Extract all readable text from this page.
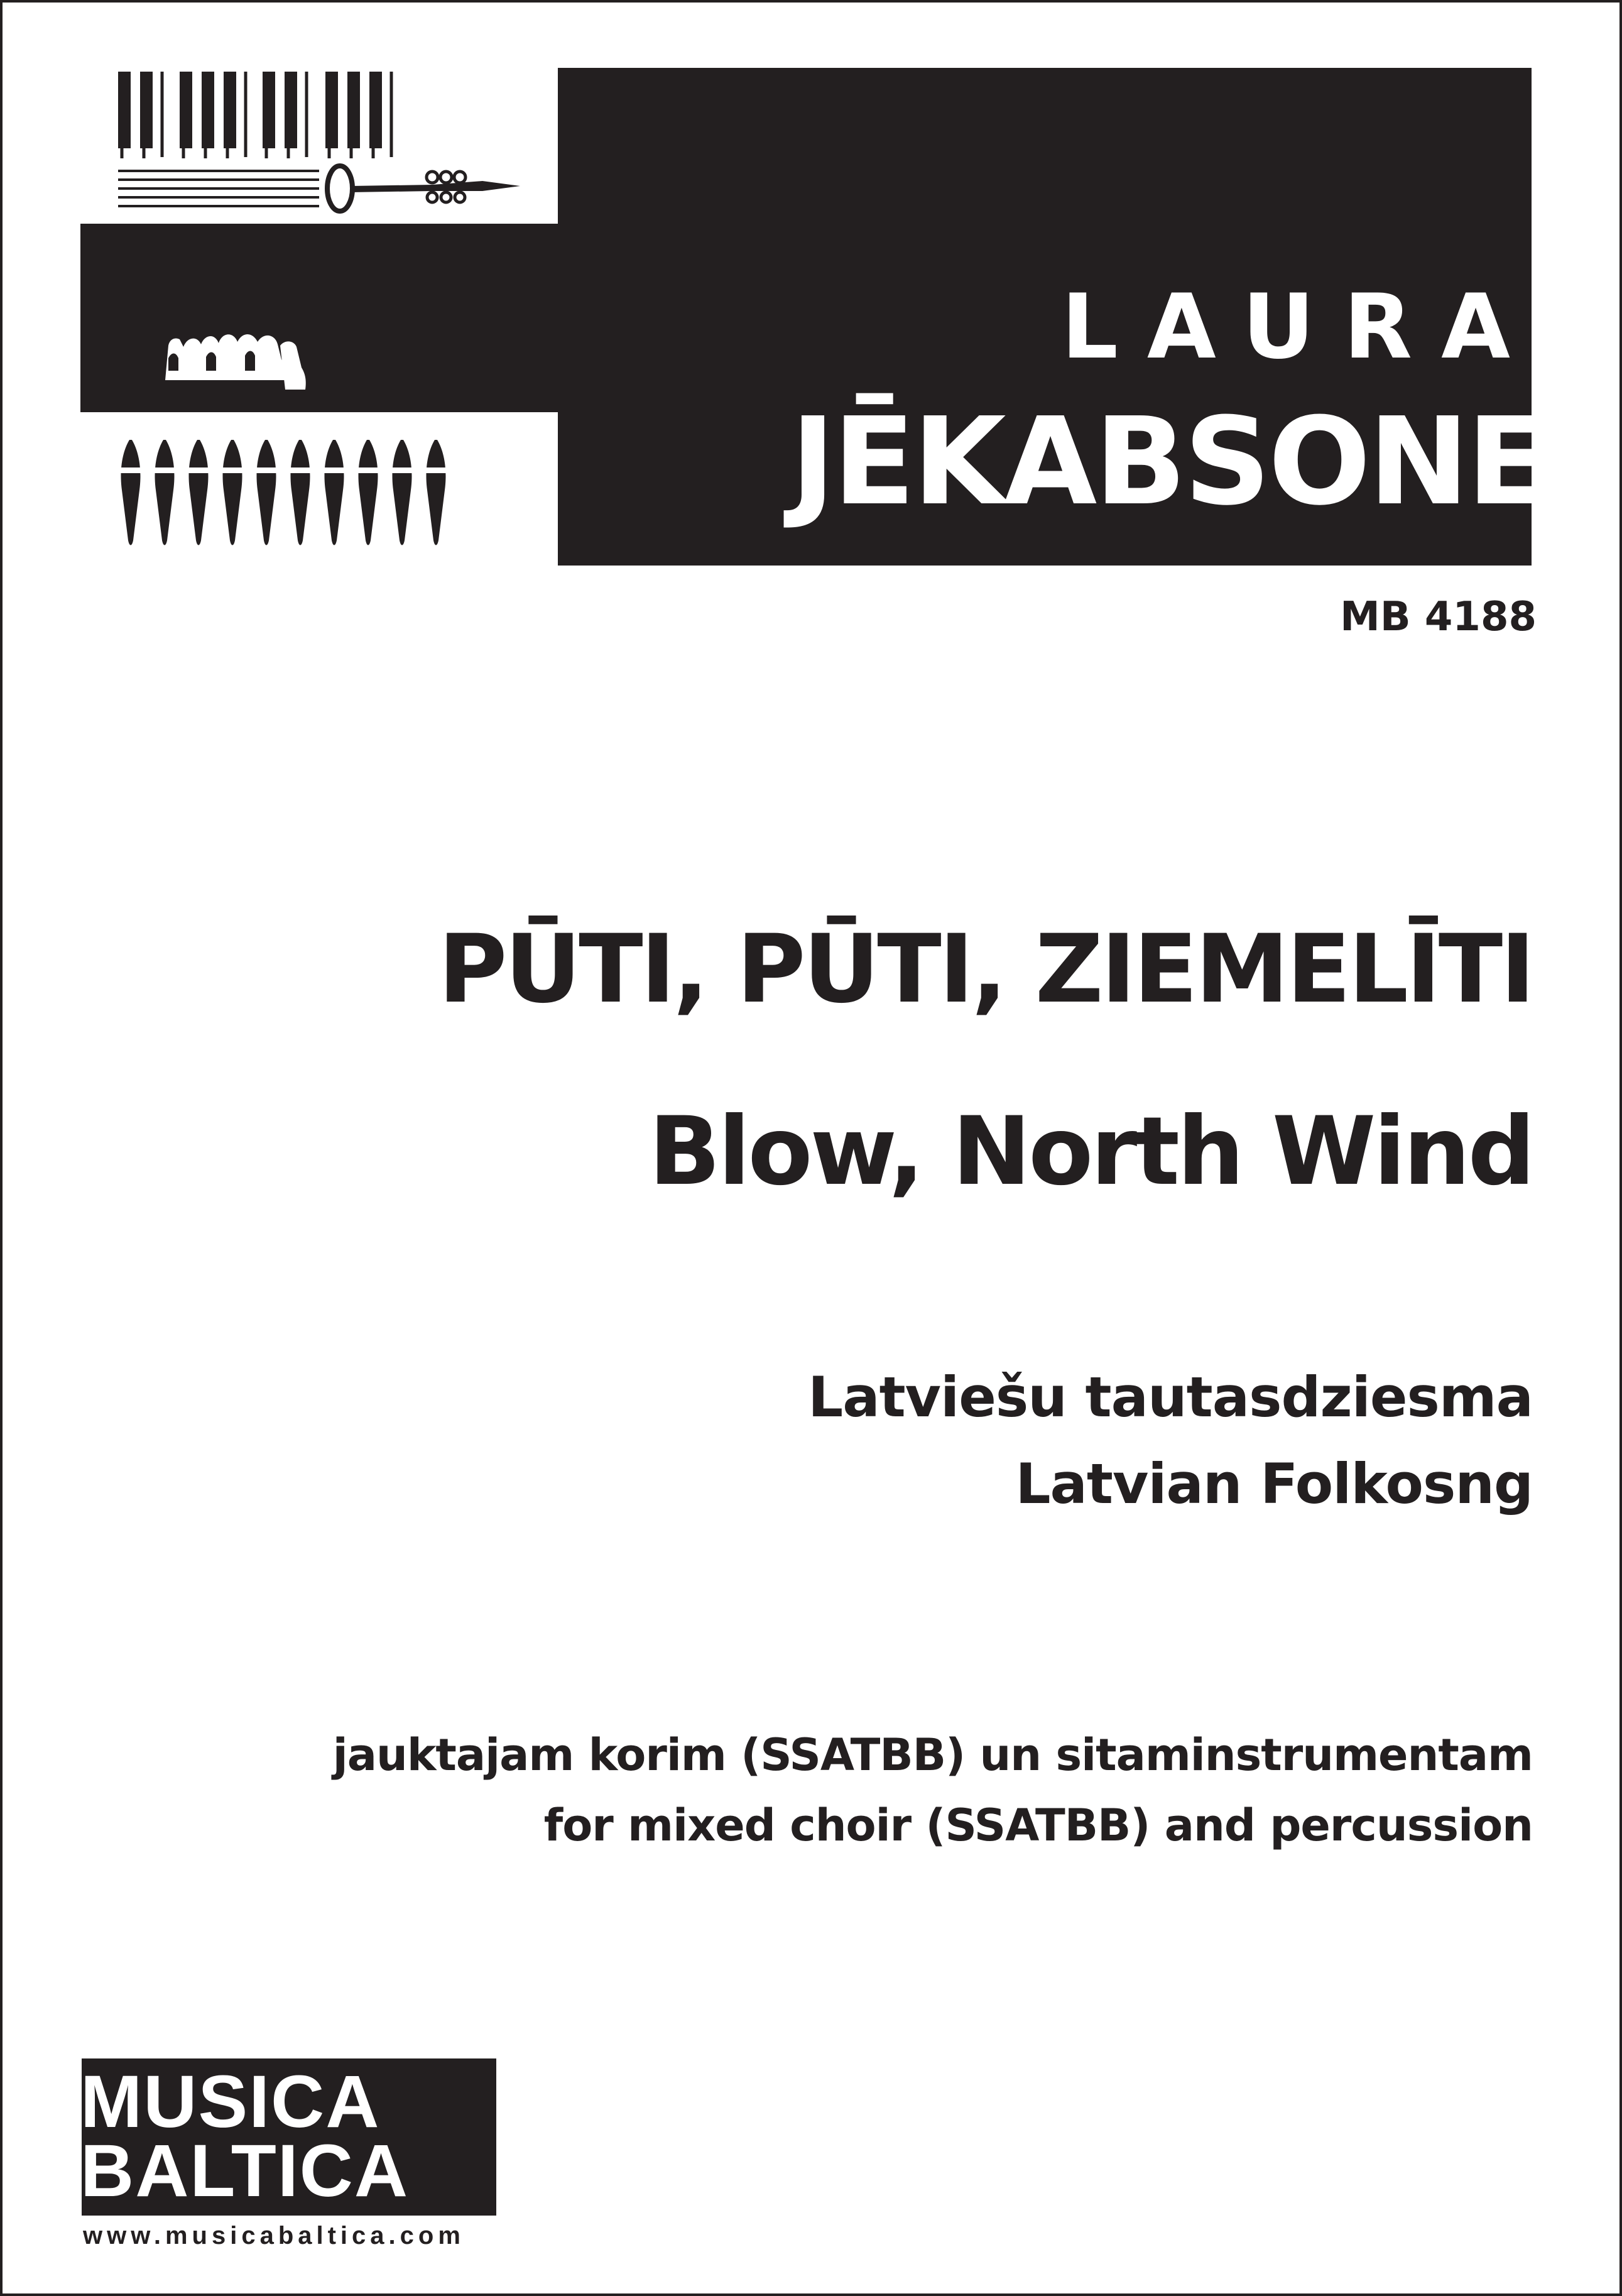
LAURA
JĒKABSONE
MB 4188
PŪTI, PŪTI, ZIEMELĪTI
Blow, North Wind
Latviešu tautasdziesma
Latvian Folkosng
jauktajam korim (SSATBB) un sitaminstrumentam
for mixed choir (SSATBB) and percussion
MUSICA
BALTICA	publishers
www.musicabaltica.com
